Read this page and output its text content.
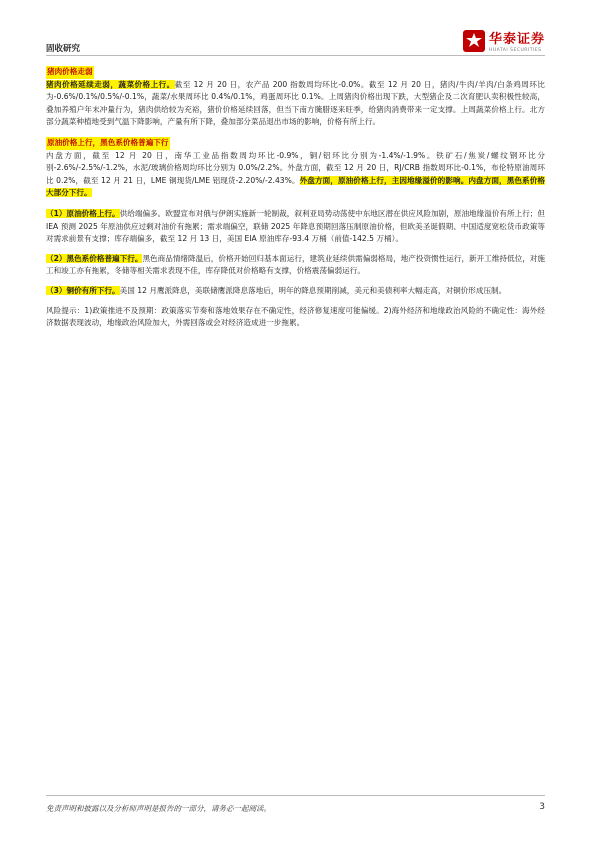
固收研究
华泰证券
HUATAI SECURITIES
猪肉价格走弱

猪肉价格延续走弱，蔬菜价格上行。截至 12 月 20 日，农产品 200 指数周均环比-0.0%。截至 12 月 20 日，猪肉/牛肉/羊肉/白条鸡周环比为-0.6%/0.1%/0.5%/-0.1%，蔬菜/水果周环比 0.4%/0.1%，鸡蛋周环比 0.1%。上周猪肉价格出现下跌，大型猪企及二次育肥认卖积极性较高，叠加养殖户年末冲量行为，猪肉供给较为充裕，猪价价格延续回落，但当下南方腌腊逐来旺季，给猪肉消费带来一定支撑。上周蔬菜价格上行。北方部分蔬菜种植地受到气温下降影响，产量有所下降，叠加部分菜品退出市场的影响，价格有所上行。

原油价格上行，黑色系价格普遍下行

内盘方面，截至 12 月 20 日，南华工业品指数周均环比-0.9%，铜/铝环比分别为-1.4%/-1.9%。铁矿石/焦炭/螺纹钢环比分别-2.6%/-2.5%/-1.2%，水泥/玻璃价格周均环比分别为 0.0%/2.2%。外盘方面，截至 12 月 20 日，RJ/CRB 指数周环比-0.1%，布伦特原油周环比 0.2%，截至 12 月 21 日，LME 铜现货/LME 铝现货-2.20%/-2.43%。外盘方面，原油价格上行，主因地缘溢价的影响。内盘方面，黑色系价格大部分下行。

（1）原油价格上行。供给端偏多。欧盟宣布对俄与伊朗实施新一轮制裁，叙利亚局势动荡使中东地区潜在供应风险加剧，原油地缘溢价有所上行；但 IEA 预测 2025 年原油供应过剩对油价有拖累；需求端偏空，联储 2025 年降息预期回落压制原油价格，但欧美圣诞假期、中国适度宽松货币政策等对需求前景有支撑；库存端偏多，截至 12 月 13 日，美国 EIA 原油库存-93.4 万桶（前值-142.5 万桶）。

（2）黑色系价格普遍下行。黑色商品情绪降温后，价格开始回归基本面运行，建筑业延续供需偏弱格局，地产投资惯性运行，新开工维持低位，对施工和竣工亦有拖累，冬储等相关需求表现不佳，库存降低对价格略有支撑，价格震荡偏弱运行。

（3）铜价有所下行。美国 12 月鹰派降息，美联储鹰派降息落地后，明年的降息预期削减，美元和美债利率大幅走高，对铜价形成压制。

风险提示：1)政策推进不及预期：政策落实节奏和落地效果存在不确定性，经济修复速度可能偏缓。2)海外经济和地缘政治风险的不确定性：海外经济数据表现波动，地缘政治风险加大，外需回落或会对经济造成进一步拖累。

免责声明和披露以及分析师声明是报告的一部分，请务必一起阅读。	3
